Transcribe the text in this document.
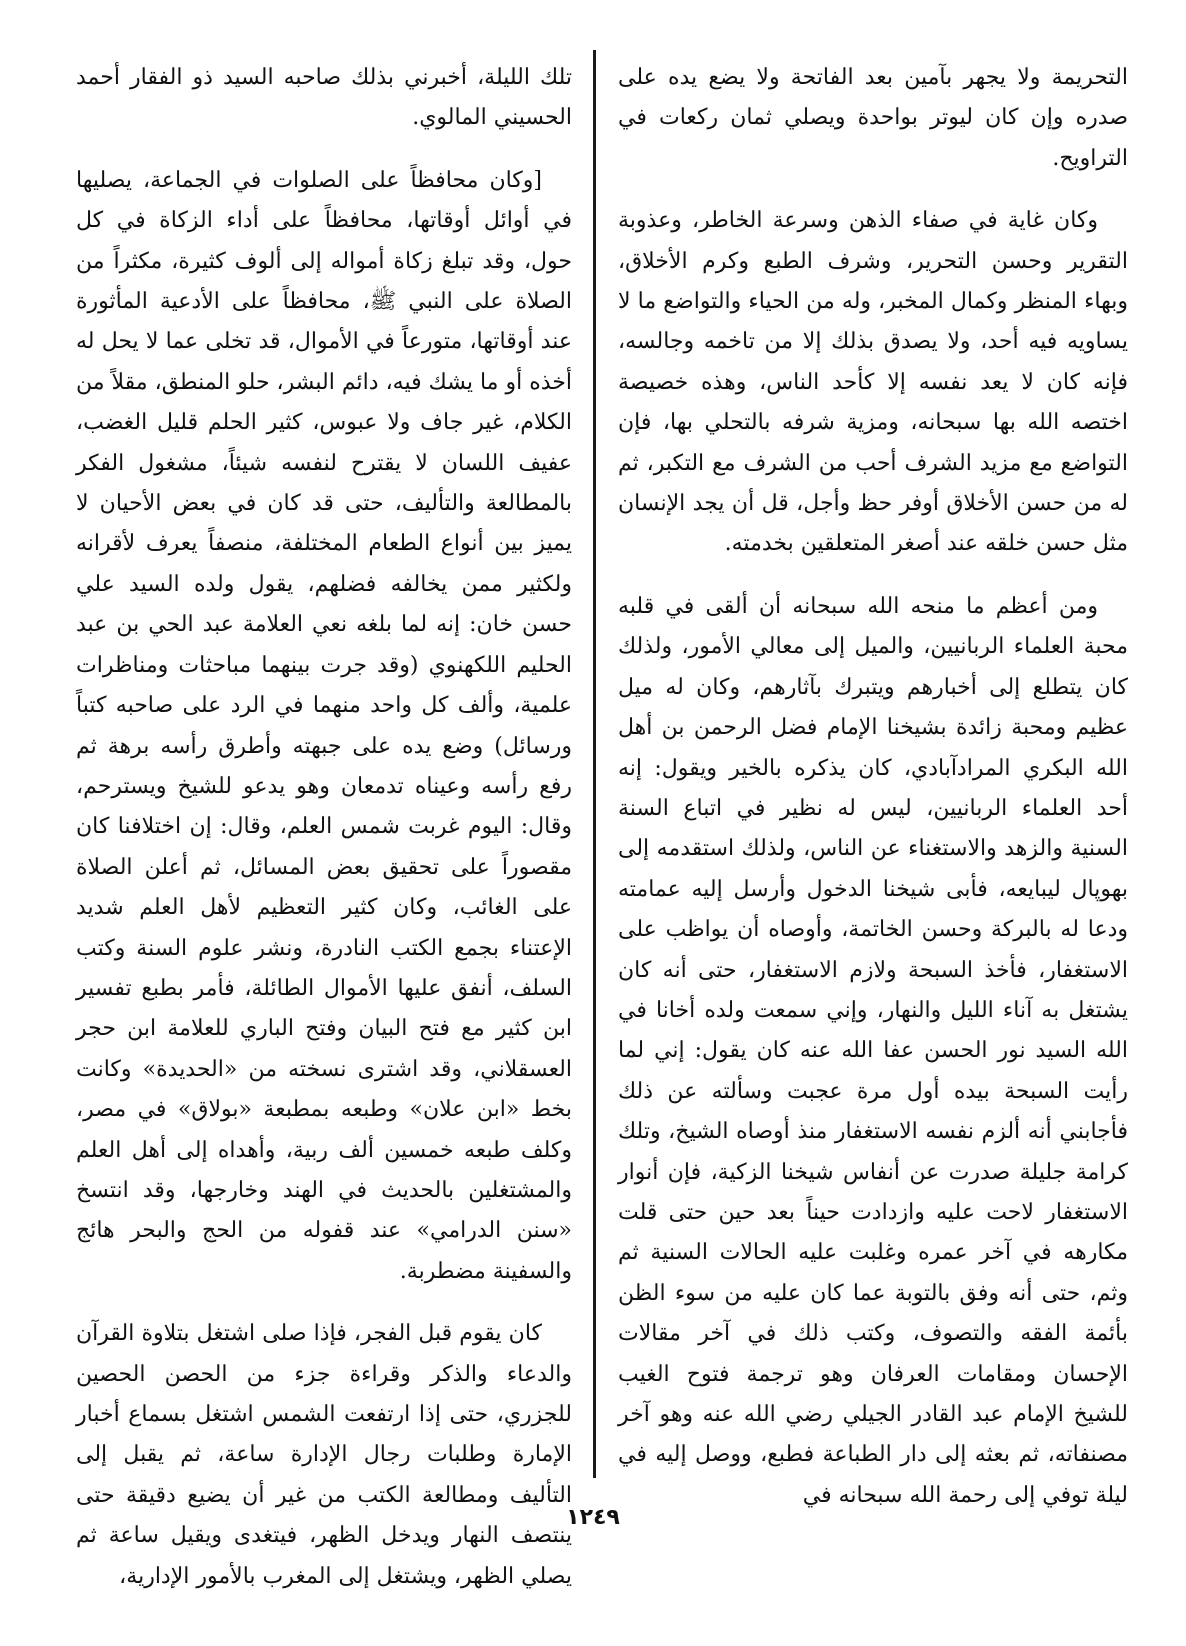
التحريمة ولا يجهر بآمين بعد الفاتحة ولا يضع يده على صدره وإن كان ليوتر بواحدة ويصلي ثمان ركعات في التراويح.

وكان غاية في صفاء الذهن وسرعة الخاطر، وعذوبة التقرير وحسن التحرير، وشرف الطبع وكرم الأخلاق، وبهاء المنظر وكمال المخبر، وله من الحياء والتواضع ما لا يساويه فيه أحد، ولا يصدق بذلك إلا من تاخمه وجالسه، فإنه كان لا يعد نفسه إلا كأحد الناس، وهذه خصيصة اختصه الله بها سبحانه، ومزية شرفه بالتحلي بها، فإن التواضع مع مزيد الشرف أحب من الشرف مع التكبر، ثم له من حسن الأخلاق أوفر حظ وأجل، قل أن يجد الإنسان مثل حسن خلقه عند أصغر المتعلقين بخدمته.

ومن أعظم ما منحه الله سبحانه أن ألقى في قلبه محبة العلماء الربانيين، والميل إلى معالي الأمور، ولذلك كان يتطلع إلى أخبارهم ويتبرك بآثارهم، وكان له ميل عظيم ومحبة زائدة بشيخنا الإمام فضل الرحمن بن أهل الله البكري المرادآبادي، كان يذكره بالخير ويقول: إنه أحد العلماء الربانيين، ليس له نظير في اتباع السنة السنية والزهد والاستغناء عن الناس، ولذلك استقدمه إلى بهوپال ليبايعه، فأبى شيخنا الدخول وأرسل إليه عمامته ودعا له بالبركة وحسن الخاتمة، وأوصاه أن يواظب على الاستغفار، فأخذ السبحة ولازم الاستغفار، حتى أنه كان يشتغل به آناء الليل والنهار، وإني سمعت ولده أخانا في الله السيد نور الحسن عفا الله عنه كان يقول: إني لما رأيت السبحة بيده أول مرة عجبت وسألته عن ذلك فأجابني أنه ألزم نفسه الاستغفار منذ أوصاه الشيخ، وتلك كرامة جليلة صدرت عن أنفاس شيخنا الزكية، فإن أنوار الاستغفار لاحت عليه وازدادت حيناً بعد حين حتى قلت مكارهه في آخر عمره وغلبت عليه الحالات السنية ثم وثم، حتى أنه وفق بالتوبة عما كان عليه من سوء الظن بأئمة الفقه والتصوف، وكتب ذلك في آخر مقالات الإحسان ومقامات العرفان وهو ترجمة فتوح الغيب للشيخ الإمام عبد القادر الجيلي رضي الله عنه وهو آخر مصنفاته، ثم بعثه إلى دار الطباعة فطبع، ووصل إليه في ليلة توفي إلى رحمة الله سبحانه في

تلك الليلة، أخبرني بذلك صاحبه السيد ذو الفقار أحمد الحسيني المالوي.

[وكان محافظاً على الصلوات في الجماعة، يصليها في أوائل أوقاتها، محافظاً على أداء الزكاة في كل حول، وقد تبلغ زكاة أمواله إلى ألوف كثيرة، مكثراً من الصلاة على النبي ﷺ، محافظاً على الأدعية المأثورة عند أوقاتها، متورعاً في الأموال، قد تخلى عما لا يحل له أخذه أو ما يشك فيه، دائم البشر، حلو المنطق، مقلاً من الكلام، غير جاف ولا عبوس، كثير الحلم قليل الغضب، عفيف اللسان لا يقترح لنفسه شيئاً، مشغول الفكر بالمطالعة والتأليف، حتى قد كان في بعض الأحيان لا يميز بين أنواع الطعام المختلفة، منصفاً يعرف لأقرانه ولكثير ممن يخالفه فضلهم، يقول ولده السيد علي حسن خان: إنه لما بلغه نعي العلامة عبد الحي بن عبد الحليم اللكهنوي (وقد جرت بينهما مباحثات ومناظرات علمية، وألف كل واحد منهما في الرد على صاحبه كتباً ورسائل) وضع يده على جبهته وأطرق رأسه برهة ثم رفع رأسه وعيناه تدمعان وهو يدعو للشيخ ويسترحم، وقال: اليوم غربت شمس العلم، وقال: إن اختلافنا كان مقصوراً على تحقيق بعض المسائل، ثم أعلن الصلاة على الغائب، وكان كثير التعظيم لأهل العلم شديد الإعتناء بجمع الكتب النادرة، ونشر علوم السنة وكتب السلف، أنفق عليها الأموال الطائلة، فأمر بطبع تفسير ابن كثير مع فتح البيان وفتح الباري للعلامة ابن حجر العسقلاني، وقد اشترى نسخته من «الحديدة» وكانت بخط «ابن علان» وطبعه بمطبعة «بولاق» في مصر، وكلف طبعه خمسين ألف ربية، وأهداه إلى أهل العلم والمشتغلين بالحديث في الهند وخارجها، وقد انتسخ «سنن الدرامي» عند قفوله من الحج والبحر هائج والسفينة مضطربة.

كان يقوم قبل الفجر، فإذا صلى اشتغل بتلاوة القرآن والدعاء والذكر وقراءة جزء من الحصن الحصين للجزري، حتى إذا ارتفعت الشمس اشتغل بسماع أخبار الإمارة وطلبات رجال الإدارة ساعة، ثم يقبل إلى التأليف ومطالعة الكتب من غير أن يضيع دقيقة حتى ينتصف النهار ويدخل الظهر، فيتغدى ويقيل ساعة ثم يصلي الظهر، ويشتغل إلى المغرب بالأمور الإدارية،

١٢٤٩
